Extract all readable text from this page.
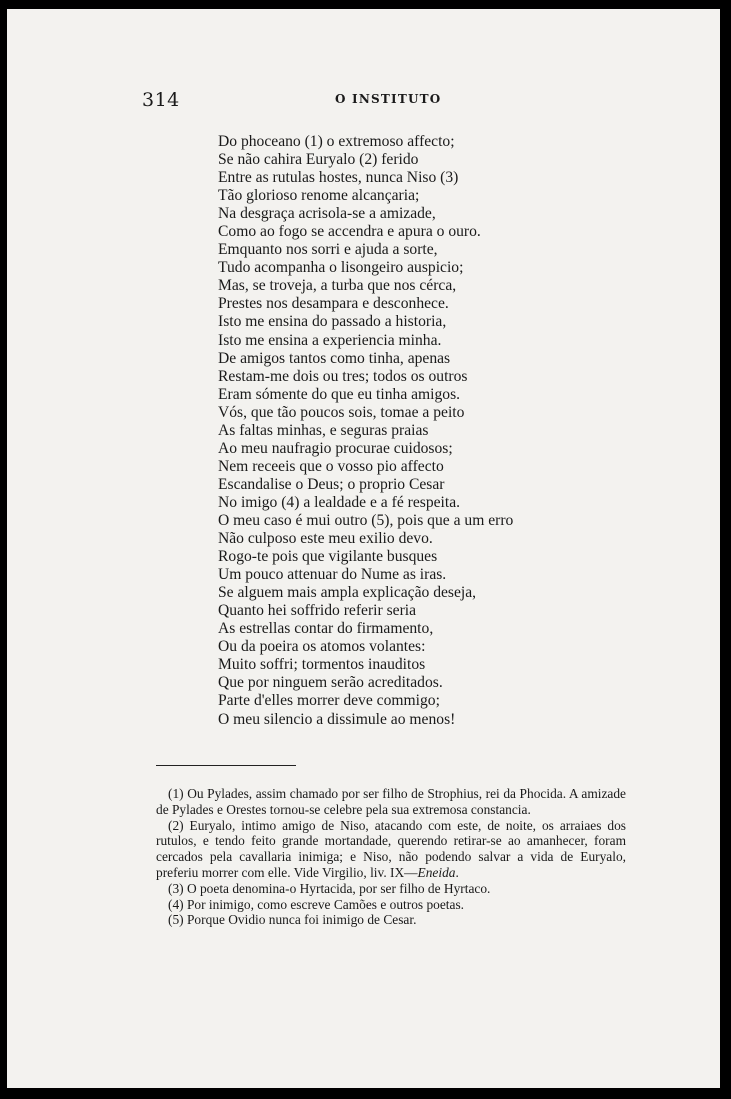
314	O INSTITUTO
Do phoceano (1) o extremoso affecto;
Se não cahira Euryalo (2) ferido
Entre as rutulas hostes, nunca Niso (3)
Tão glorioso renome alcançaria;
Na desgraça acrisola-se a amizade,
Como ao fogo se accendra e apura o ouro.
Emquanto nos sorri e ajuda a sorte,
Tudo acompanha o lisongeiro auspicio;
Mas, se troveja, a turba que nos cérca,
Prestes nos desampara e desconhece.
Isto me ensina do passado a historia,
Isto me ensina a experiencia minha.
De amigos tantos como tinha, apenas
Restam-me dois ou tres; todos os outros
Eram sómente do que eu tinha amigos.
Vós, que tão poucos sois, tomae a peito
As faltas minhas, e seguras praias
Ao meu naufragio procurae cuidosos;
Nem receeis que o vosso pio affecto
Escandalise o Deus; o proprio Cesar
No imigo (4) a lealdade e a fé respeita.
O meu caso é mui outro (5), pois que a um erro
Não culposo este meu exilio devo.
Rogo-te pois que vigilante busques
Um pouco attenuar do Nume as iras.
Se alguem mais ampla explicação deseja,
Quanto hei soffrido referir seria
As estrellas contar do firmamento,
Ou da poeira os atomos volantes:
Muito soffri; tormentos inauditos
Que por ninguem serão acreditados.
Parte d'elles morrer deve commigo;
O meu silencio a dissimule ao menos!
(1) Ou Pylades, assim chamado por ser filho de Strophius, rei da Phocida. A amizade de Pylades e Orestes tornou-se celebre pela sua extremosa constancia.
(2) Euryalo, intimo amigo de Niso, atacando com este, de noite, os arraiaes dos rutulos, e tendo feito grande mortandade, querendo retirar-se ao amanhecer, foram cercados pela cavallaria inimiga; e Niso, não podendo salvar a vida de Euryalo, preferiu morrer com elle. Vide Virgilio, liv. IX—Eneida.
(3) O poeta denomina-o Hyrtacida, por ser filho de Hyrtaco.
(4) Por inimigo, como escreve Camões e outros poetas.
(5) Porque Ovidio nunca foi inimigo de Cesar.
